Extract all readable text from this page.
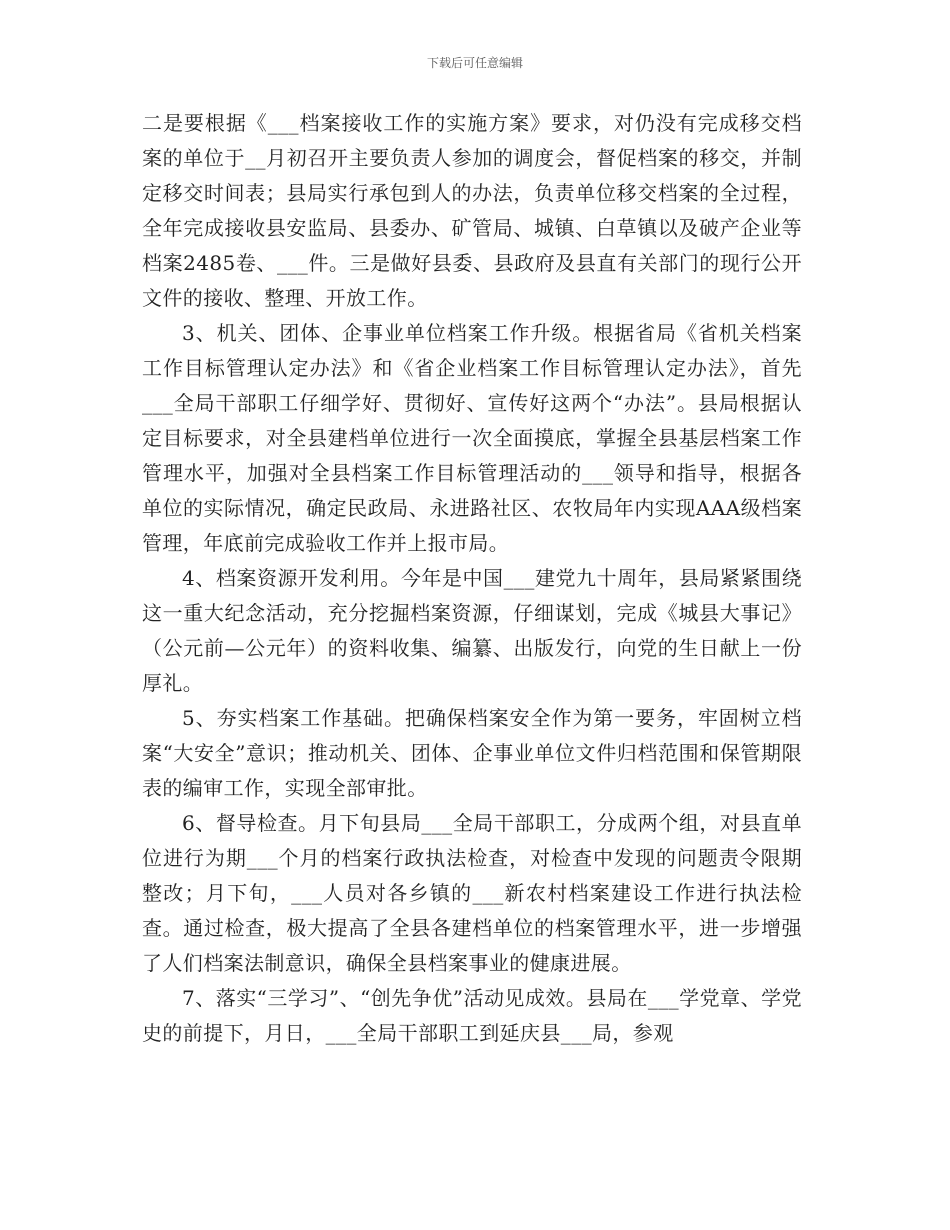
下载后可任意编辑

二是要根据《___档案接收工作的实施方案》要求，对仍没有完成移交档案的单位于__月初召开主要负责人参加的调度会，督促档案的移交，并制定移交时间表；县局实行承包到人的办法，负责单位移交档案的全过程，全年完成接收县安监局、县委办、矿管局、城镇、白草镇以及破产企业等档案2485卷、___件。三是做好县委、县政府及县直有关部门的现行公开文件的接收、整理、开放工作。

3、机关、团体、企事业单位档案工作升级。根据省局《省机关档案工作目标管理认定办法》和《省企业档案工作目标管理认定办法》，首先___全局干部职工仔细学好、贯彻好、宣传好这两个“办法”。县局根据认定目标要求，对全县建档单位进行一次全面摸底，掌握全县基层档案工作管理水平，加强对全县档案工作目标管理活动的___领导和指导，根据各单位的实际情况，确定民政局、永进路社区、农牧局年内实现AAA级档案管理，年底前完成验收工作并上报市局。

4、档案资源开发利用。今年是中国___建党九十周年，县局紧紧围绕这一重大纪念活动，充分挖掘档案资源，仔细谋划，完成《城县大事记》（公元前—公元年）的资料收集、编纂、出版发行，向党的生日献上一份厚礼。

5、夯实档案工作基础。把确保档案安全作为第一要务，牢固树立档案“大安全”意识；推动机关、团体、企事业单位文件归档范围和保管期限表的编审工作，实现全部审批。

6、督导检查。月下旬县局___全局干部职工，分成两个组，对县直单位进行为期___个月的档案行政执法检查，对检查中发现的问题责令限期整改；月下旬，___人员对各乡镇的___新农村档案建设工作进行执法检查。通过检查，极大提高了全县各建档单位的档案管理水平，进一步增强了人们档案法制意识，确保全县档案事业的健康进展。

7、落实“三学习”、“创先争优”活动见成效。县局在___学党章、学党史的前提下，月日，___全局干部职工到延庆县___局，参观
